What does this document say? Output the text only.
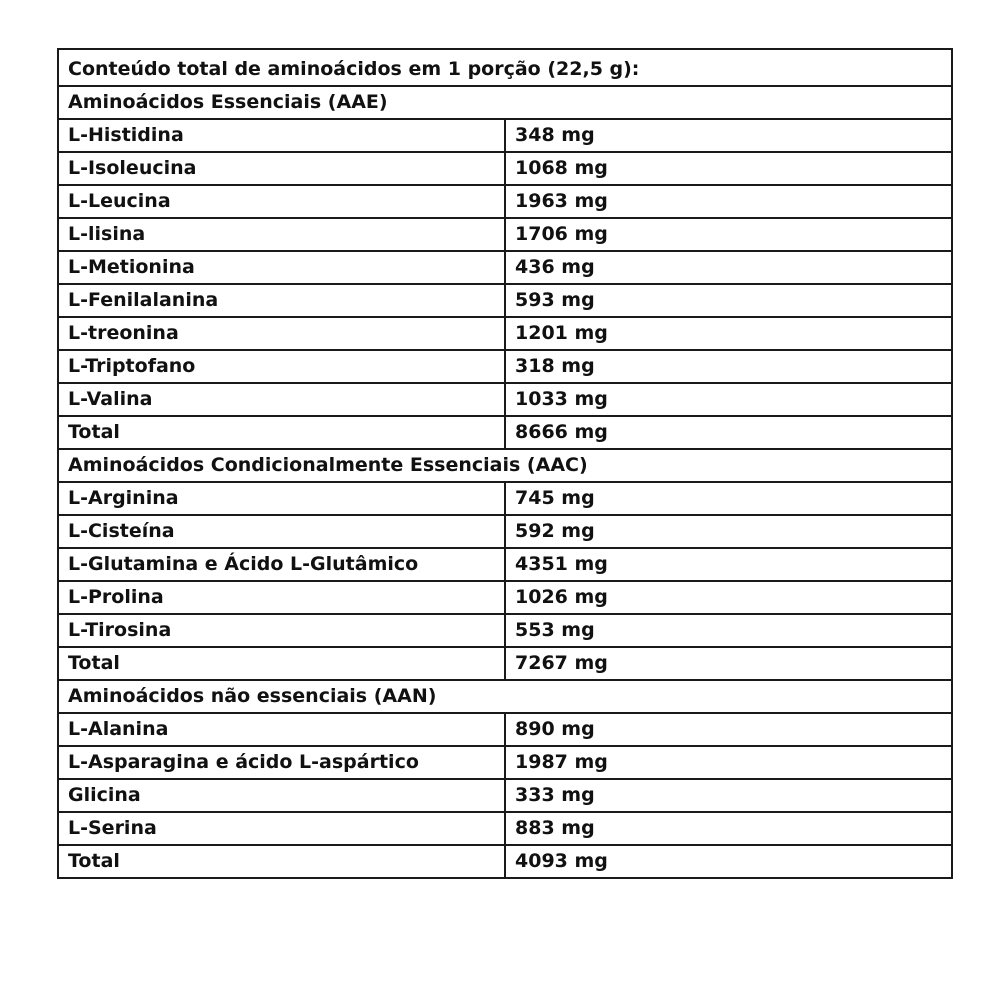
Conteúdo total de aminoácidos em 1 porção (22,5 g):	
Aminoácidos Essenciais (AAE)	
L-Histidina	348 mg
L-Isoleucina	1068 mg
L-Leucina	1963 mg
L-lisina	1706 mg
L-Metionina	436 mg
L-Fenilalanina	593 mg
L-treonina	1201 mg
L-Triptofano	318 mg
L-Valina	1033 mg
Total	8666 mg
Aminoácidos Condicionalmente Essenciais (AAC)	
L-Arginina	745 mg
L-Cisteína	592 mg
L-Glutamina e Ácido L-Glutâmico	4351 mg
L-Prolina	1026 mg
L-Tirosina	553 mg
Total	7267 mg
Aminoácidos não essenciais (AAN)	
L-Alanina	890 mg
L-Asparagina e ácido L-aspártico	1987 mg
Glicina	333 mg
L-Serina	883 mg
Total	4093 mg
